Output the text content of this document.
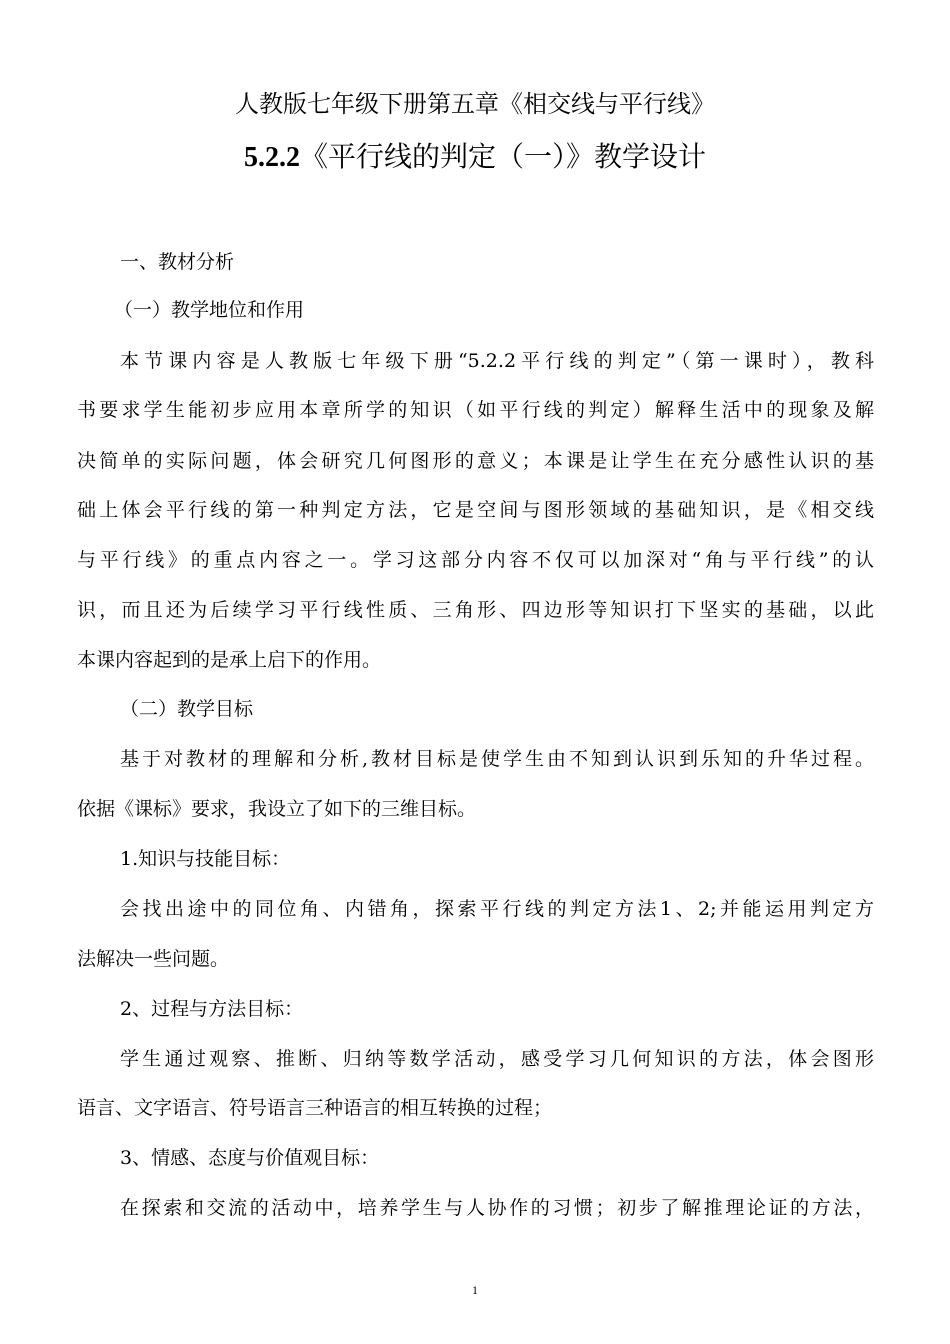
人教版七年级下册第五章《相交线与平行线》
5.2.2《平行线的判定（一）》教学设计

一、教材分析

（一）教学地位和作用

本节课内容是人教版七年级下册“5.2.2平行线的判定”（第一课时），教科

书要求学生能初步应用本章所学的知识（如平行线的判定）解释生活中的现象及解

决简单的实际问题，体会研究几何图形的意义；本课是让学生在充分感性认识的基

础上体会平行线的第一种判定方法，它是空间与图形领域的基础知识，是《相交线

与平行线》的重点内容之一。学习这部分内容不仅可以加深对“角与平行线”的认

识，而且还为后续学习平行线性质、三角形、四边形等知识打下坚实的基础，以此

本课内容起到的是承上启下的作用。

（二）教学目标

基于对教材的理解和分析,教材目标是使学生由不知到认识到乐知的升华过程。

依据《课标》要求，我设立了如下的三维目标。

1.知识与技能目标：

会找出途中的同位角、内错角，探索平行线的判定方法1、2;并能运用判定方

法解决一些问题。

2、过程与方法目标：

学生通过观察、推断、归纳等数学活动，感受学习几何知识的方法，体会图形

语言、文字语言、符号语言三种语言的相互转换的过程；

3、情感、态度与价值观目标：

在探索和交流的活动中，培养学生与人协作的习惯；初步了解推理论证的方法，

1
